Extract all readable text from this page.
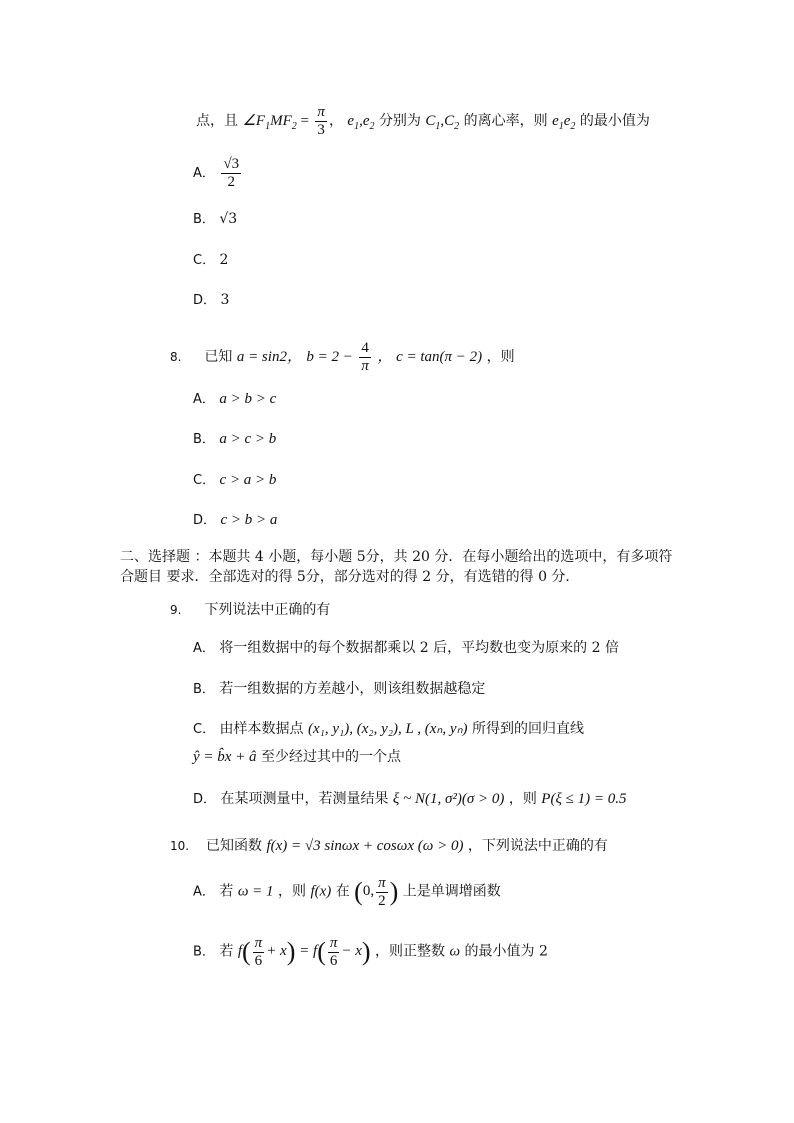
点，且 $\angle F_1MF_2 = \frac{\pi}{3}$ ， $e_1,e_2$ 分别为 $C_1,C_2$ 的离心率，则 $e_1e_2$ 的最小值为
A． $\frac{√3}{2}$
B． √3
C． 2
D． 3
8. 已知 a = sin2， $b = 2 - \frac{4}{\pi}$ ， c = tan(π − 2) ，则
A． a > b > c
B． a > c > b
C． c > a > b
D． c > b > a
二、选择题 ：本题共 4 小题，每小题 5分，共 20 分．在每小题给出的选项中，有多项符
合题目 要求．全部选对的得 5分，部分选对的得 2 分，有选错的得 0 分．
9. 下列说法中正确的有
A． 将一组数据中的每个数据都乘以 2 后，平均数也变为原来的 2 倍
B． 若一组数据的方差越小，则该组数据越稳定
C． 由样本数据点 (x₁, y₁), (x₂, y₂), L , (xₙ, yₙ) 所得到的回归直线
ŷ = b̂x + â 至少经过其中的一个点
D． 在某项测量中，若测量结果 ξ ~ N(1, σ²)(σ > 0) ，则 P(ξ ≤ 1) = 0.5
10. 已知函数 f(x) = √3 sinωx + cosωx (ω > 0) ，下列说法中正确的有
A． 若 ω = 1 ，则 f(x) 在 (0, $\frac{\pi}{2}$ ) 上是单调增函数
B． 若 $f( \frac{\pi}{6} + x) = f( \frac{\pi}{6} - x)$ ，则正整数 ω 的最小值为 2
